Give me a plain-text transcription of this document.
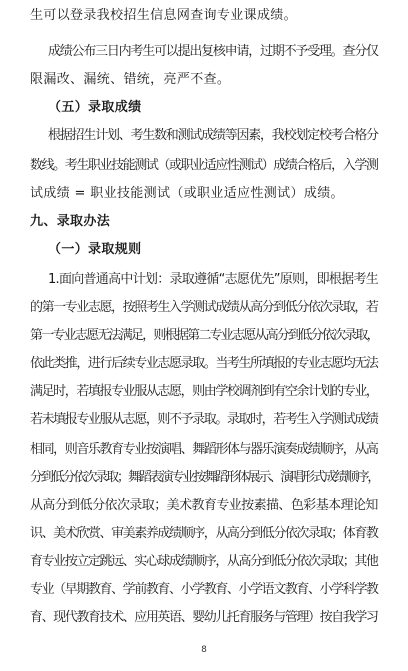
生可以登录我校招生信息网查询专业课成绩。
成绩公布三日内考生可以提出复核申请，过期不予受理。查分仅
限漏改、漏统、错统，亮严不查。
（五）录取成绩
根据招生计划、考生数和测试成绩等因素，我校划定校考合格分
数线。考生职业技能测试（或职业适应性测试）成绩合格后，入学测
试成绩 = 职业技能测试（或职业适应性测试）成绩。
九、录取办法
（一）录取规则
1.面向普通高中计划：录取遵循“志愿优先”原则，即根据考生
的第一专业志愿，按照考生入学测试成绩从高分到低分依次录取，若
第一专业志愿无法满足，则根据第二专业志愿从高分到低分依次录取，
依此类推，进行后续专业志愿录取。当考生所填报的专业志愿均无法
满足时，若填报专业服从志愿，则由学校调剂到有空余计划的专业，
若未填报专业服从志愿，则不予录取。录取时，若考生入学测试成绩
相同，则音乐教育专业按演唱、舞蹈形体与器乐演奏成绩顺序，从高
分到低分依次录取；舞蹈表演专业按舞蹈形体展示、演唱形式成绩顺序，
从高分到低分依次录取；美术教育专业按素描、色彩基本理论知
识、美术欣赏、审美素养成绩顺序，从高分到低分依次录取；体育教
育专业按立定跳远、实心球成绩顺序，从高分到低分依次录取；其他
专业（早期教育、学前教育、小学教育、小学语文教育、小学科学教
育、现代教育技术、应用英语、婴幼儿托育服务与管理）按自我学习
8
